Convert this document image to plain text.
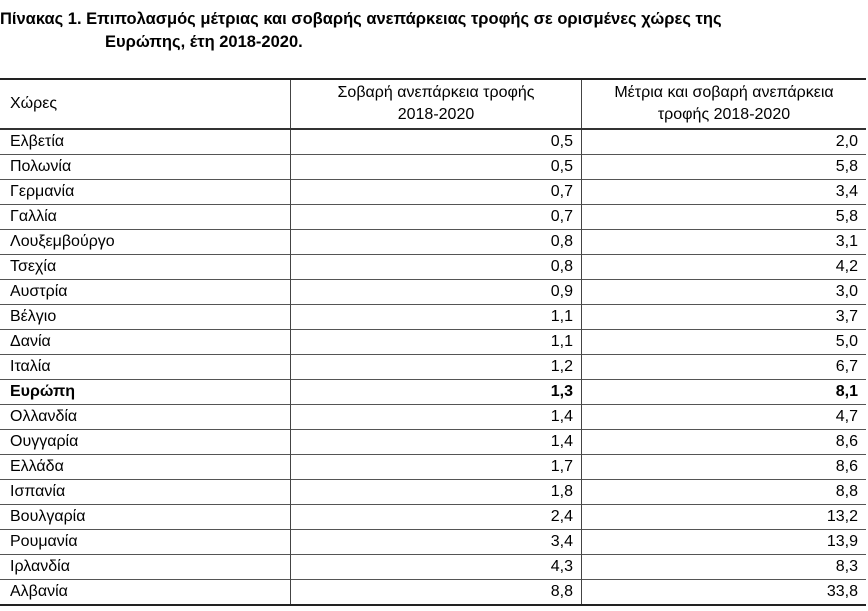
Πίνακας 1. Επιπολασμός μέτριας και σοβαρής ανεπάρκειας τροφής σε ορισμένες χώρες της
Ευρώπης, έτη 2018-2020.
Χώρες	
Σοβαρή ανεπάρκεια τροφής
2018-2020

Μέτρια και σοβαρή ανεπάρκεια
τροφής 2018-2020

Ελβετία	0,5	2,0
Πολωνία	0,5	5,8
Γερμανία	0,7	3,4
Γαλλία	0,7	5,8
Λουξεμβούργο	0,8	3,1
Τσεχία	0,8	4,2
Αυστρία	0,9	3,0
Βέλγιο	1,1	3,7
Δανία	1,1	5,0
Ιταλία	1,2	6,7
Ευρώπη	1,3	8,1
Ολλανδία	1,4	4,7
Ουγγαρία	1,4	8,6
Ελλάδα	1,7	8,6
Ισπανία	1,8	8,8
Βουλγαρία	2,4	13,2
Ρουμανία	3,4	13,9
Ιρλανδία	4,3	8,3
Αλβανία	8,8	33,8
